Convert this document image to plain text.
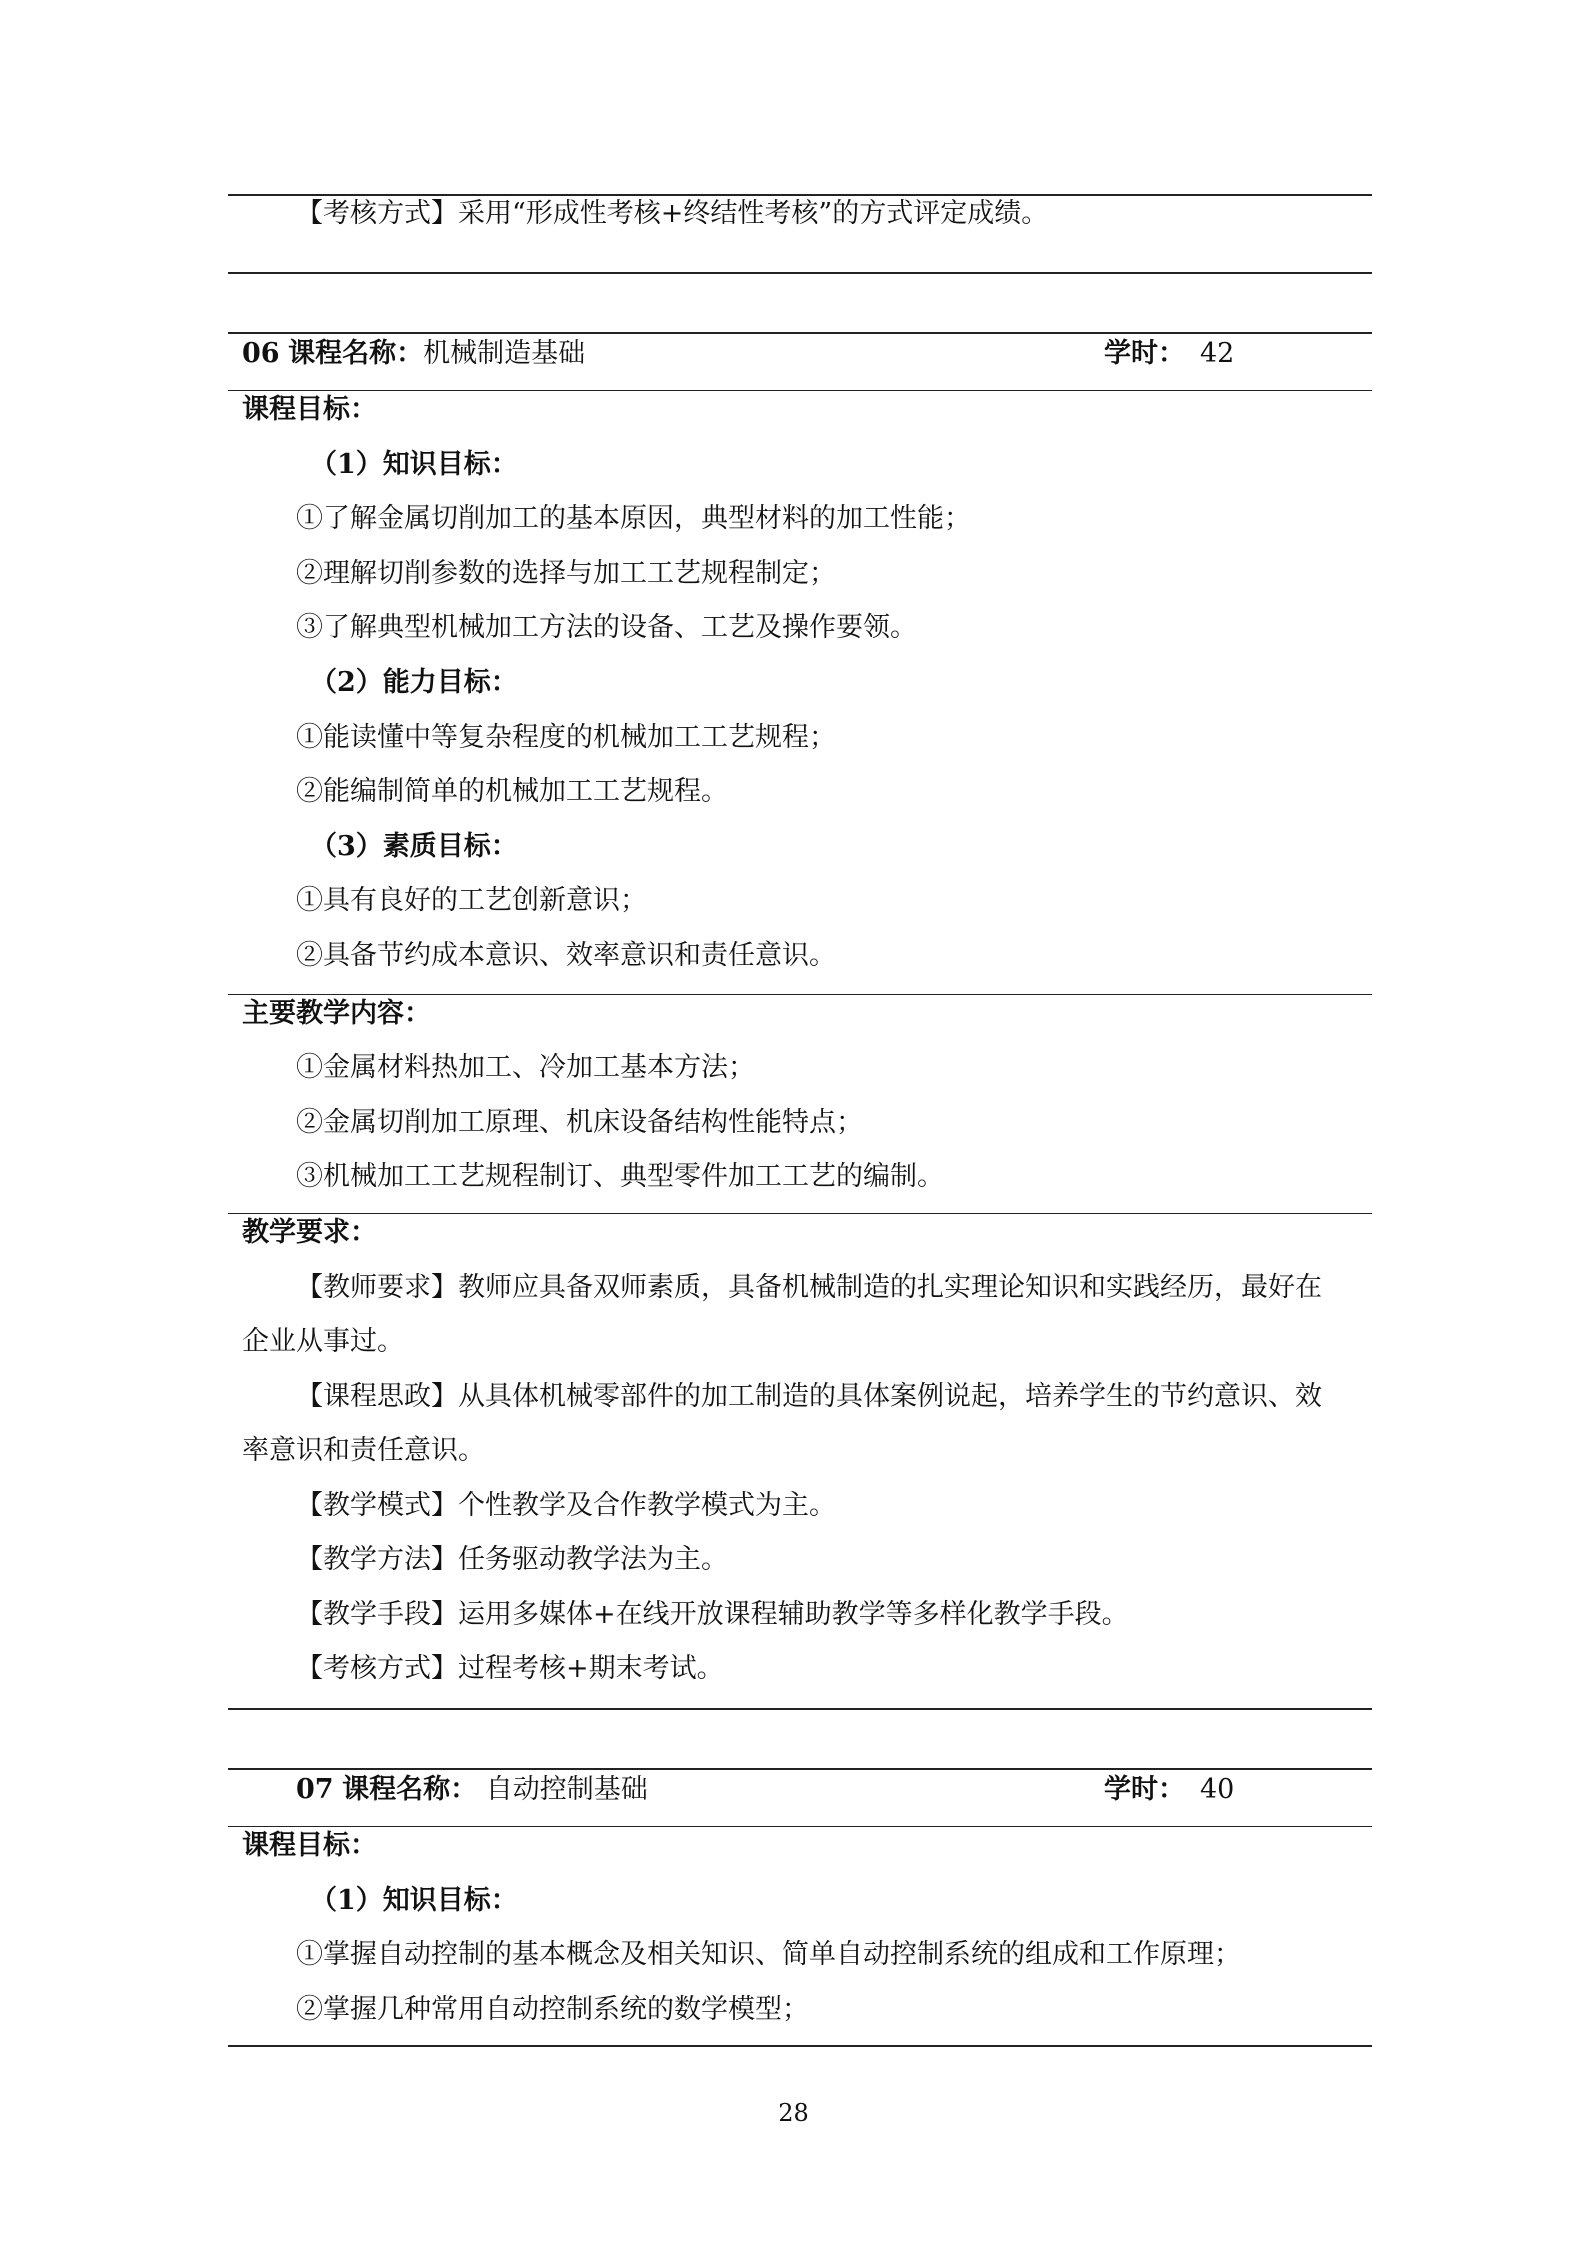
【考核方式】采用“形成性考核+终结性考核”的方式评定成绩。
06 课程名称：机械制造基础	学时： 42
课程目标：
（1）知识目标：
①了解金属切削加工的基本原因，典型材料的加工性能；
②理解切削参数的选择与加工工艺规程制定；
③了解典型机械加工方法的设备、工艺及操作要领。
（2）能力目标：
①能读懂中等复杂程度的机械加工工艺规程；
②能编制简单的机械加工工艺规程。
（3）素质目标：
①具有良好的工艺创新意识；
②具备节约成本意识、效率意识和责任意识。
主要教学内容：
①金属材料热加工、冷加工基本方法；
②金属切削加工原理、机床设备结构性能特点；
③机械加工工艺规程制订、典型零件加工工艺的编制。
教学要求：
【教师要求】教师应具备双师素质，具备机械制造的扎实理论知识和实践经历，最好在
企业从事过。
【课程思政】从具体机械零部件的加工制造的具体案例说起，培养学生的节约意识、效
率意识和责任意识。
【教学模式】个性教学及合作教学模式为主。
【教学方法】任务驱动教学法为主。
【教学手段】运用多媒体+在线开放课程辅助教学等多样化教学手段。
【考核方式】过程考核+期末考试。
07 课程名称： 自动控制基础	学时： 40
课程目标：
（1）知识目标：
①掌握自动控制的基本概念及相关知识、简单自动控制系统的组成和工作原理；
②掌握几种常用自动控制系统的数学模型；
28
